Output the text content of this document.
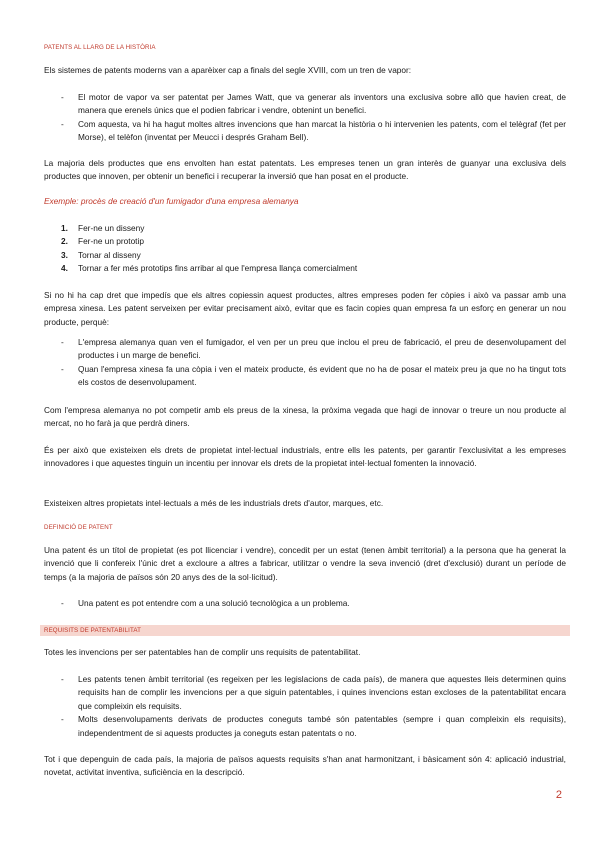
PATENTS AL LLARG DE LA HISTÒRIA

Els sistemes de patents moderns van a aparèixer cap a finals del segle XVIII, com un tren de vapor:

- El motor de vapor va ser patentat per James Watt, que va generar als inventors una exclusiva sobre allò que havien creat, de manera que erenels únics que el podien fabricar i vendre, obtenint un benefici.
- Com aquesta, va hi ha hagut moltes altres invencions que han marcat la història o hi intervenien les patents, com el telègraf (fet per Morse), el telèfon (inventat per Meucci i després Graham Bell).

La majoria dels productes que ens envolten han estat patentats. Les empreses tenen un gran interès de guanyar una exclusiva dels productes que innoven, per obtenir un benefici i recuperar la inversió que han posat en el producte.

Exemple: procès de creació d'un fumigador d'una empresa alemanya
1. Fer-ne un disseny
2. Fer-ne un prototip
3. Tornar al disseny
4. Tornar a fer més prototips fins arribar al que l'empresa llança comercialment

Si no hi ha cap dret que impedís que els altres copiessin aquest productes, altres empreses poden fer còpies i això va passar amb una empresa xinesa. Les patent serveixen per evitar precisament això, evitar que es facin copies quan empresa fa un esforç en generar un nou producte, perquè:

- L'empresa alemanya quan ven el fumigador, el ven per un preu que inclou el preu de fabricació, el preu de desenvolupament del productes i un marge de benefici.
- Quan l'empresa xinesa fa una còpia i ven el mateix producte, és evident que no ha de posar el mateix preu ja que no ha tingut tots els costos de desenvolupament.

Com l'empresa alemanya no pot competir amb els preus de la xinesa, la pròxima vegada que hagi de innovar o treure un nou producte al mercat, no ho farà ja que perdrà diners.

És per això que existeixen els drets de propietat intel·lectual industrials, entre ells les patents, per garantir l'exclusivitat a les empreses innovadores i que aquestes tinguin un incentiu per innovar els drets de la propietat intel·lectual fomenten la innovació.

Existeixen altres propietats intel·lectuals a més de les industrials drets d'autor, marques, etc.

DEFINICIÓ DE PATENT

Una patent és un títol de propietat (es pot llicenciar i vendre), concedit per un estat (tenen àmbit territorial) a la persona que ha generat la invenció que li confereix l'únic dret a excloure a altres a fabricar, utilitzar o vendre la seva invenció (dret d'exclusió) durant un període de temps (a la majoria de països són 20 anys des de la sol·licitud).

- Una patent es pot entendre com a una solució tecnològica a un problema.
REQUISITS DE PATENTABILITAT

Totes les invencions per ser patentables han de complir uns requisits de patentabilitat.

- Les patents tenen àmbit territorial (es regeixen per les legislacions de cada país), de manera que aquestes lleis determinen quins requisits han de complir les invencions per a que siguin patentables, i quines invencions estan excloses de la patentabilitat encara que compleixin els requisits.
- Molts desenvolupaments derivats de productes coneguts també són patentables (sempre i quan compleixin els requisits), independentment de si aquests productes ja coneguts estan patentats o no.

Tot i que depenguin de cada país, la majoria de països aquests requisits s'han anat harmonitzant, i bàsicament són 4: aplicació industrial, novetat, activitat inventiva, suficiència en la descripció.

2
